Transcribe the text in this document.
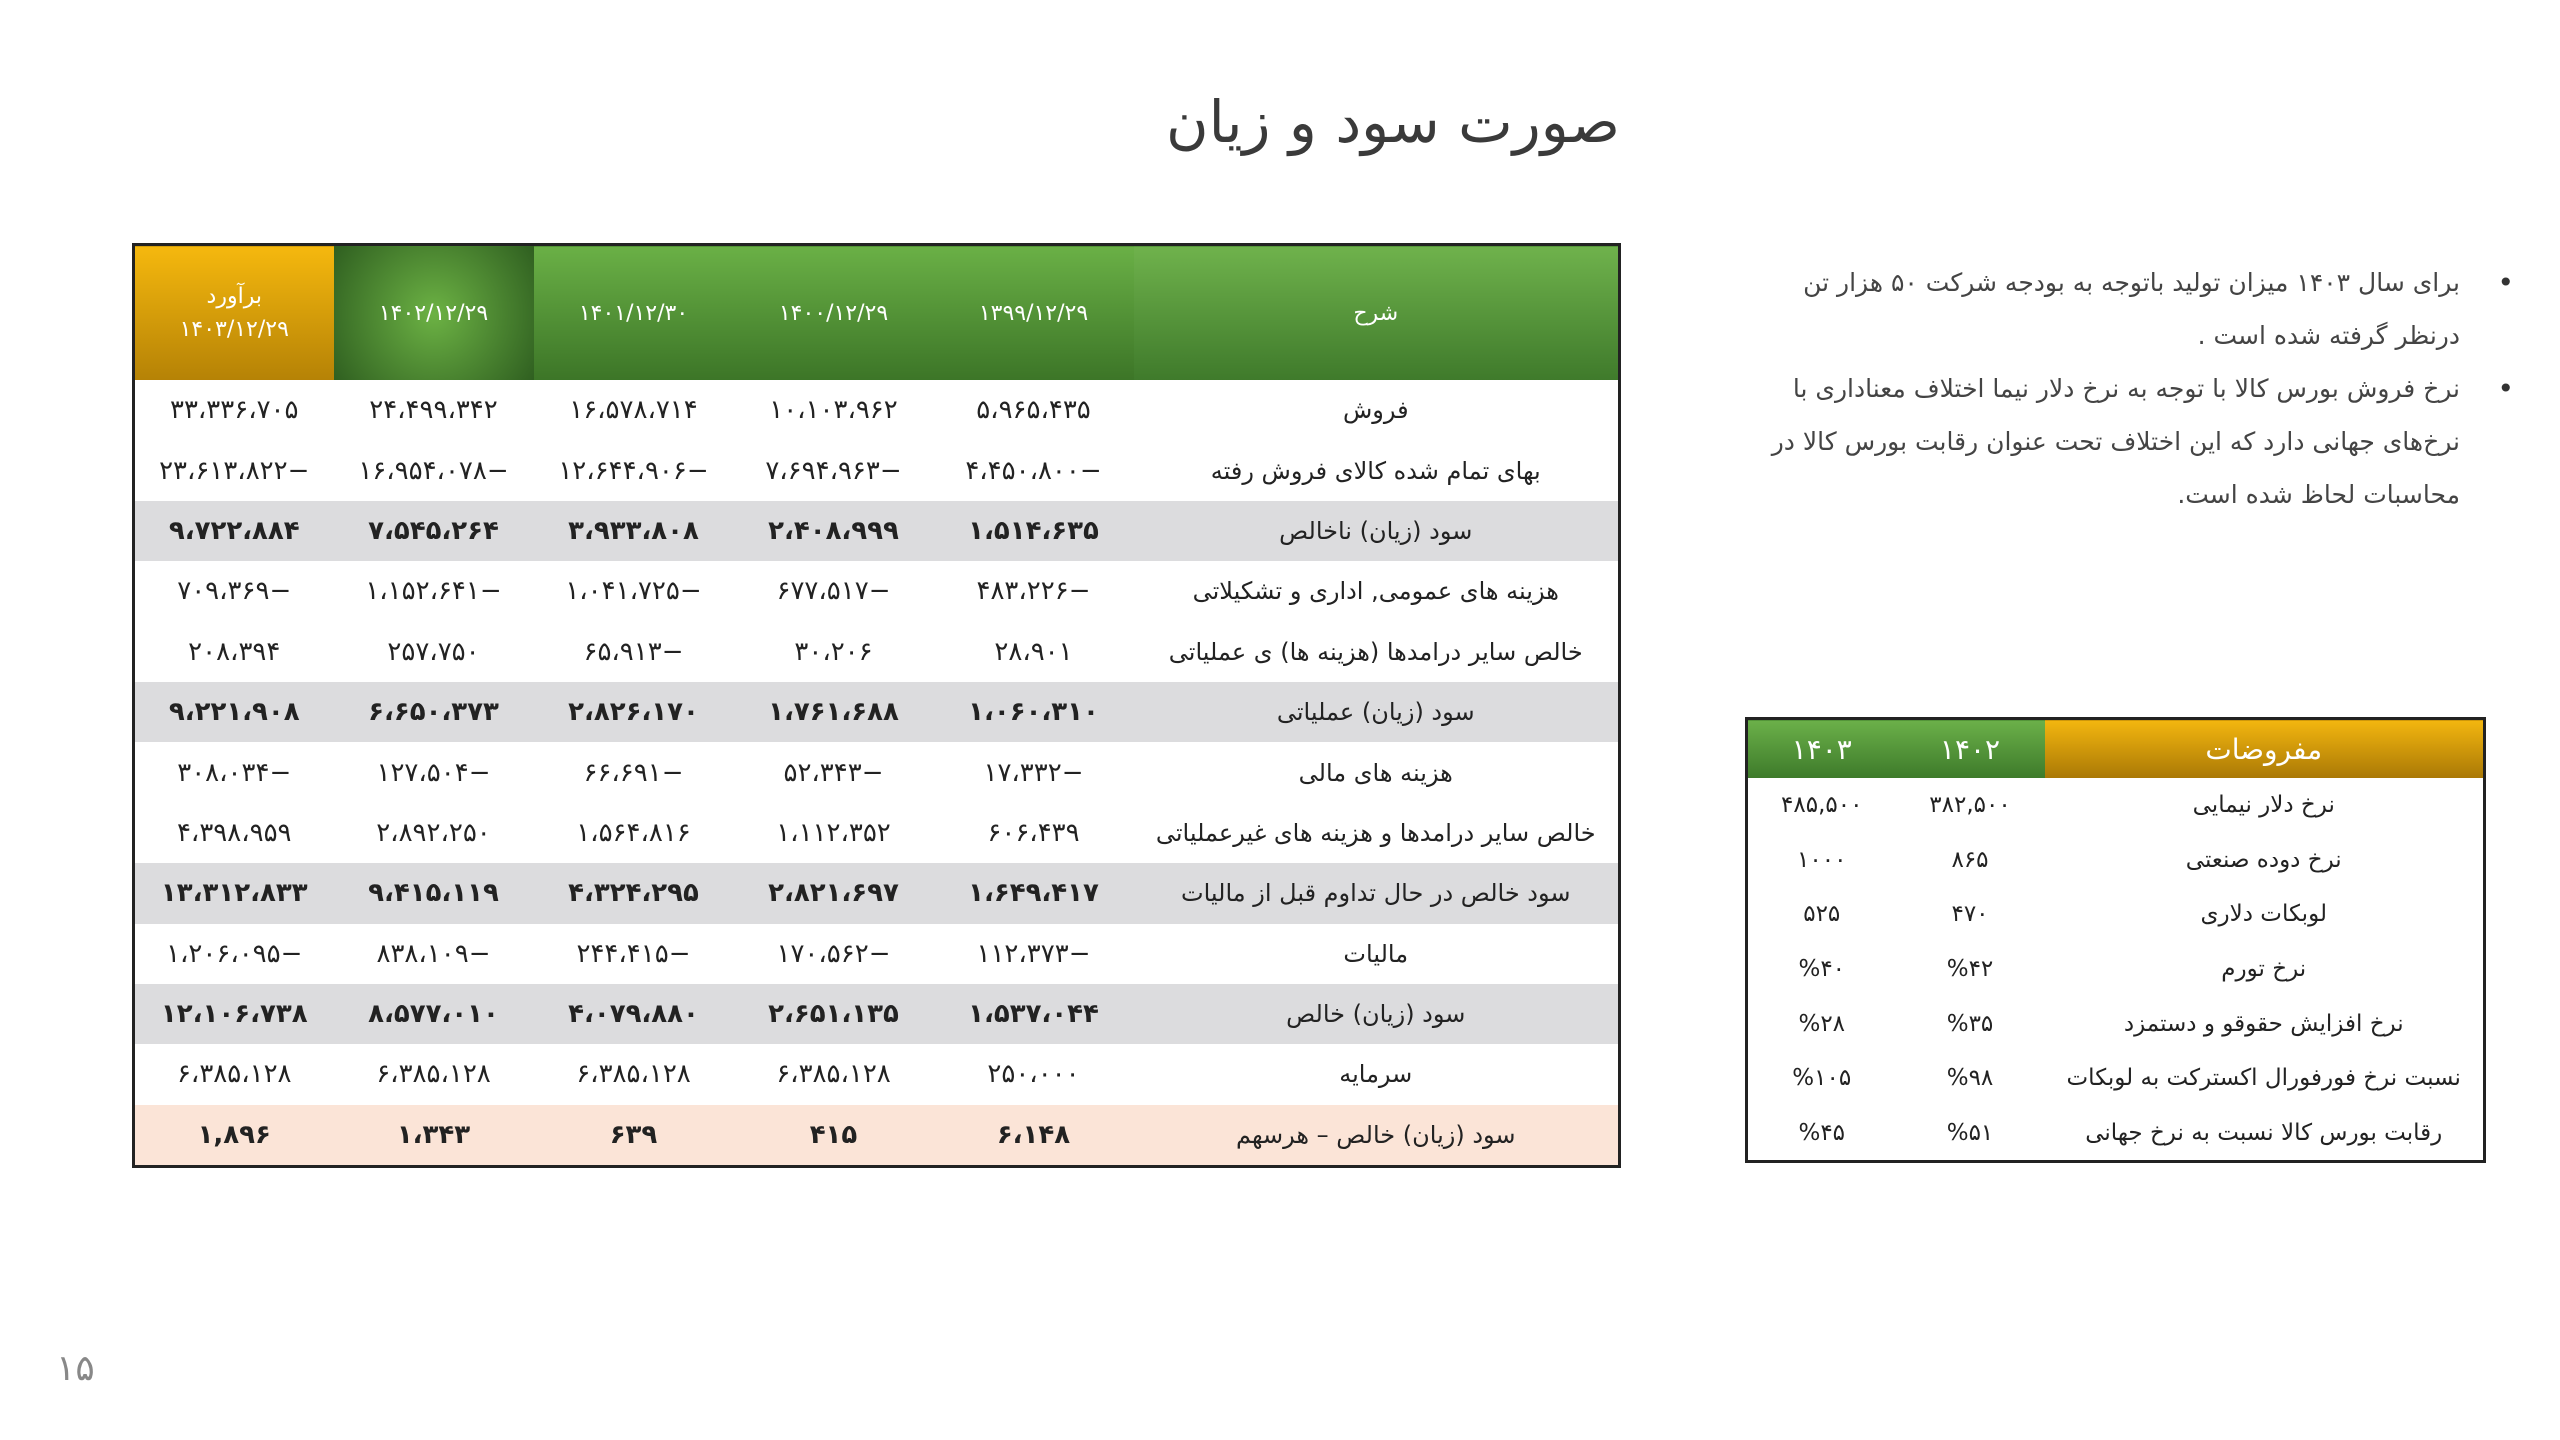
صورت سود و زیان
شرح	۱۳۹۹/۱۲/۲۹	۱۴۰۰/۱۲/۲۹	۱۴۰۱/۱۲/۳۰	۱۴۰۲/۱۲/۲۹	برآورد
۱۴۰۳/۱۲/۲۹

فروش	۵،۹۶۵،۴۳۵	۱۰،۱۰۳،۹۶۲	۱۶،۵۷۸،۷۱۴	۲۴،۴۹۹،۳۴۲	۳۳،۳۳۶،۷۰۵
بهای تمام شده کالای فروش رفته	−۴،۴۵۰،۸۰۰	−۷،۶۹۴،۹۶۳	−۱۲،۶۴۴،۹۰۶	−۱۶،۹۵۴،۰۷۸	−۲۳،۶۱۳،۸۲۲
سود (زیان) ناخالص	۱،۵۱۴،۶۳۵	۲،۴۰۸،۹۹۹	۳،۹۳۳،۸۰۸	۷،۵۴۵،۲۶۴	۹،۷۲۲،۸۸۴
هزینه های عمومی, اداری و تشکیلاتی	−۴۸۳،۲۲۶	−۶۷۷،۵۱۷	−۱،۰۴۱،۷۲۵	−۱،۱۵۲،۶۴۱	−۷۰۹،۳۶۹
خالص سایر درامدها (هزینه ها) ی عملیاتی	۲۸،۹۰۱	۳۰،۲۰۶	−۶۵،۹۱۳	۲۵۷،۷۵۰	۲۰۸،۳۹۴
سود (زیان) عملیاتی	۱،۰۶۰،۳۱۰	۱،۷۶۱،۶۸۸	۲،۸۲۶،۱۷۰	۶،۶۵۰،۳۷۳	۹،۲۲۱،۹۰۸
هزینه های مالی	−۱۷،۳۳۲	−۵۲،۳۴۳	−۶۶،۶۹۱	−۱۲۷،۵۰۴	−۳۰۸،۰۳۴
خالص سایر درامدها و هزینه های غیرعملیاتی	۶۰۶،۴۳۹	۱،۱۱۲،۳۵۲	۱،۵۶۴،۸۱۶	۲،۸۹۲،۲۵۰	۴،۳۹۸،۹۵۹
سود خالص در حال تداوم قبل از مالیات	۱،۶۴۹،۴۱۷	۲،۸۲۱،۶۹۷	۴،۳۲۴،۲۹۵	۹،۴۱۵،۱۱۹	۱۳،۳۱۲،۸۳۳
مالیات	−۱۱۲،۳۷۳	−۱۷۰،۵۶۲	−۲۴۴،۴۱۵	−۸۳۸،۱۰۹	−۱،۲۰۶،۰۹۵
سود (زیان) خالص	۱،۵۳۷،۰۴۴	۲،۶۵۱،۱۳۵	۴،۰۷۹،۸۸۰	۸،۵۷۷،۰۱۰	۱۲،۱۰۶،۷۳۸
سرمایه	۲۵۰،۰۰۰	۶،۳۸۵،۱۲۸	۶،۳۸۵،۱۲۸	۶،۳۸۵،۱۲۸	۶،۳۸۵،۱۲۸
سود (زیان) خالص – هرسهم	۶،۱۴۸	۴۱۵	۶۳۹	۱،۳۴۳	۱,۸۹۶
•
برای سال ۱۴۰۳ میزان تولید باتوجه به بودجه شرکت ۵۰ هزار تن درنظر گرفته شده است .
•
نرخ فروش بورس کالا با توجه به نرخ دلار نیما اختلاف معناداری با نرخ‌های جهانی دارد که این اختلاف تحت عنوان رقابت بورس کالا در محاسبات لحاظ شده است.
مفروضات	۱۴۰۲	۱۴۰۳
نرخ دلار نیمایی	۳۸۲,۵۰۰	۴۸۵,۵۰۰
نرخ دوده صنعتی	۸۶۵	۱۰۰۰
لوبکات دلاری	۴۷۰	۵۲۵
نرخ تورم	%۴۲	%۴۰
نرخ افزایش حقوقو و دستمزد	%۳۵	%۲۸
نسبت نرخ فورفورال اکسترکت به لوبکات	%۹۸	%۱۰۵
رقابت بورس کالا نسبت به نرخ جهانی	%۵۱	%۴۵
۱۵
